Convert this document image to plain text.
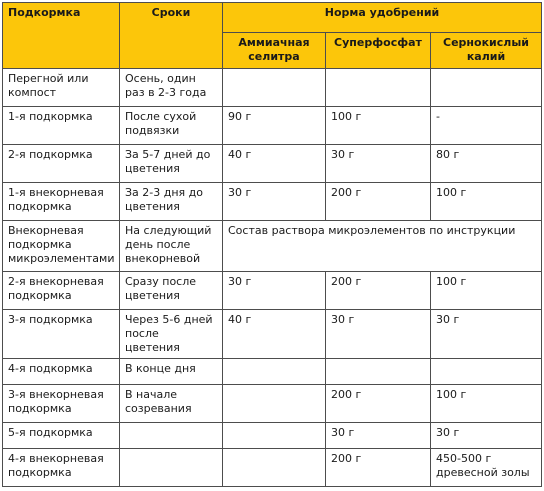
Подкормка	Сроки	Норма удобрений		
		Аммиачная селитра	Суперфосфат	Сернокислый калий
Перегной или компост	Осень, один раз в 2-3 года			
1-я подкормка	После сухой подвязки	90 г	100 г	-
2-я подкормка	За 5-7 дней до цветения	40 г	30 г	80 г
1-я внекорневая подкормка	За 2-3 дня до цветения	30 г	200 г	100 г
Внекорневая подкормка микроэлементами	На следующий день после внекорневой	Состав раствора микроэлементов по инструкции		
2-я внекорневая подкормка	Сразу после цветения	30 г	200 г	100 г
3-я подкормка	Через 5-6 дней после цветения	40 г	30 г	30 г
4-я подкормка	В конце дня			
3-я внекорневая подкормка	В начале созревания		200 г	100 г
5-я подкормка			30 г	30 г
4-я внекорневая подкормка			200 г	450-500 г древесной золы
